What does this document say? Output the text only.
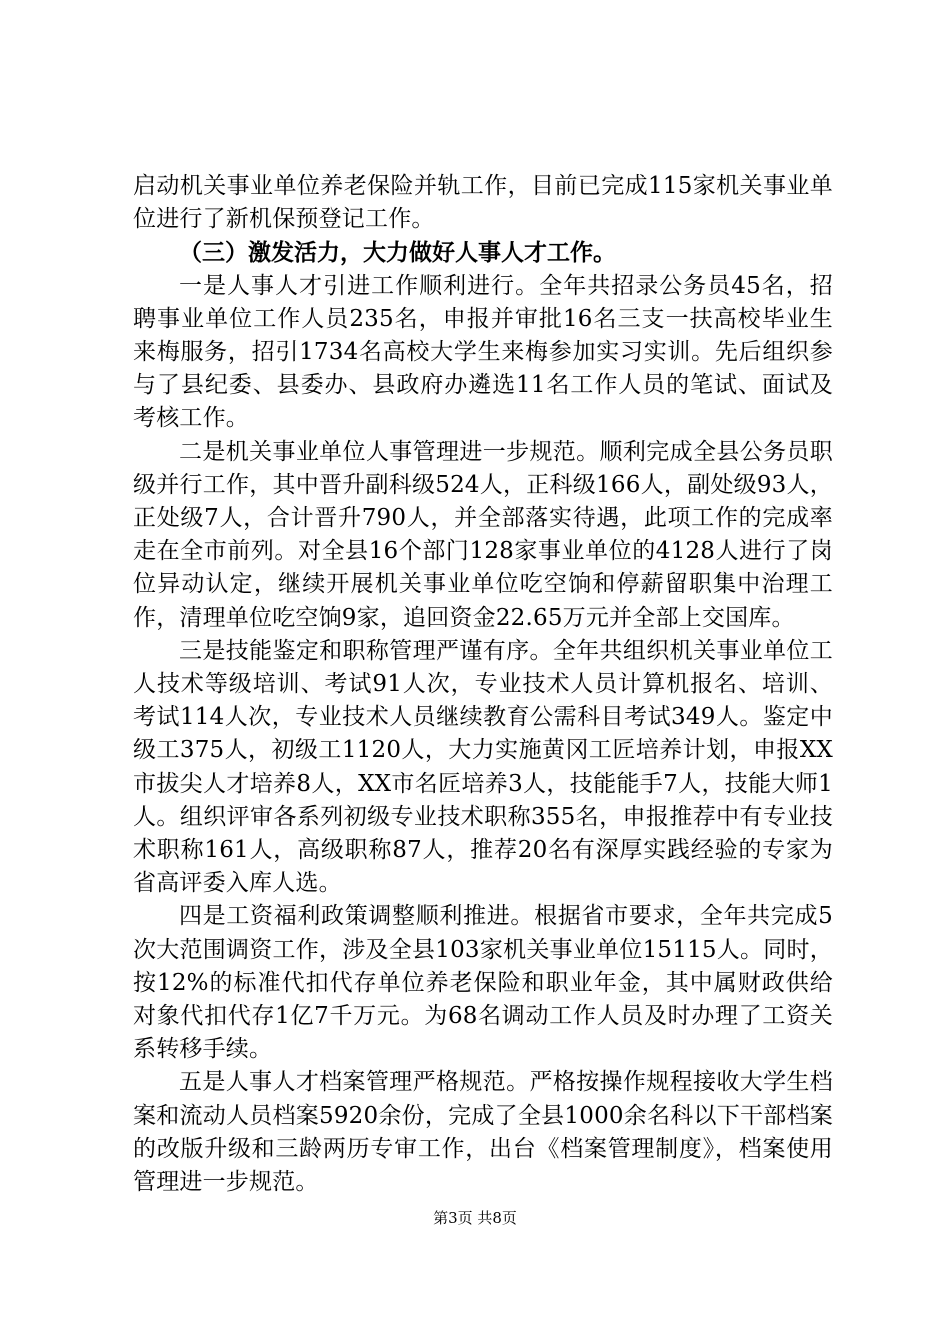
启动机关事业单位养老保险并轨工作，目前已完成115家机关事业单位进行了新机保预登记工作。

（三）激发活力，大力做好人事人才工作。

一是人事人才引进工作顺利进行。全年共招录公务员45名，招聘事业单位工作人员235名，申报并审批16名三支一扶高校毕业生来梅服务，招引1734名高校大学生来梅参加实习实训。先后组织参与了县纪委、县委办、县政府办遴选11名工作人员的笔试、面试及考核工作。

二是机关事业单位人事管理进一步规范。顺利完成全县公务员职级并行工作，其中晋升副科级524人，正科级166人，副处级93人，正处级7人，合计晋升790人，并全部落实待遇，此项工作的完成率走在全市前列。对全县16个部门128家事业单位的4128人进行了岗位异动认定，继续开展机关事业单位吃空饷和停薪留职集中治理工作，清理单位吃空饷9家，追回资金22.65万元并全部上交国库。

三是技能鉴定和职称管理严谨有序。全年共组织机关事业单位工人技术等级培训、考试91人次，专业技术人员计算机报名、培训、考试114人次，专业技术人员继续教育公需科目考试349人。鉴定中级工375人，初级工1120人，大力实施黄冈工匠培养计划，申报XX市拔尖人才培养8人，XX市名匠培养3人，技能能手7人，技能大师1人。组织评审各系列初级专业技术职称355名，申报推荐中有专业技术职称161人，高级职称87人，推荐20名有深厚实践经验的专家为省高评委入库人选。

四是工资福利政策调整顺利推进。根据省市要求，全年共完成5次大范围调资工作，涉及全县103家机关事业单位15115人。同时，按12%的标准代扣代存单位养老保险和职业年金，其中属财政供给对象代扣代存1亿7千万元。为68名调动工作人员及时办理了工资关系转移手续。

五是人事人才档案管理严格规范。严格按操作规程接收大学生档案和流动人员档案5920余份，完成了全县1000余名科以下干部档案的改版升级和三龄两历专审工作，出台《档案管理制度》，档案使用管理进一步规范。

第3页 共8页
